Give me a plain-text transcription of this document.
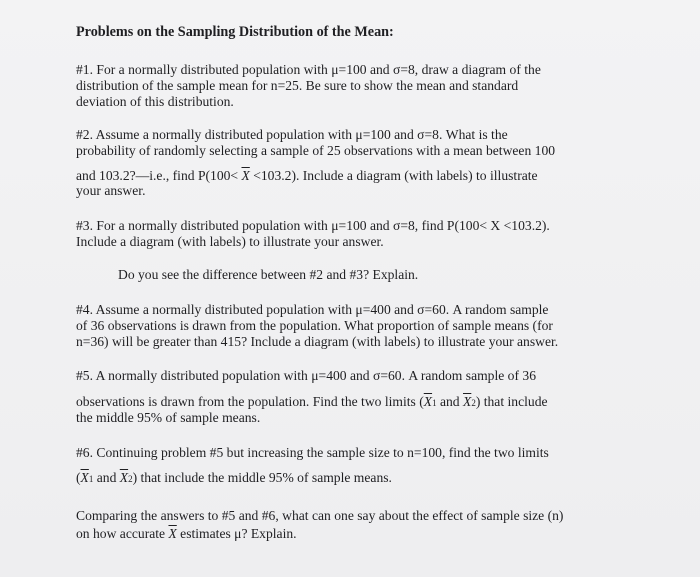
Problems on the Sampling Distribution of the Mean:

#1. For a normally distributed population with μ=100 and σ=8, draw a diagram of the

distribution of the sample mean for n=25. Be sure to show the mean and standard

deviation of this distribution.

#2. Assume a normally distributed population with μ=100 and σ=8. What is the

probability of randomly selecting a sample of 25 observations with a mean between 100

and 103.2?—i.e., find $P(100< \overline{X} <103.2)$. Include a diagram (with labels) to illustrate

your answer.

#3. For a normally distributed population with μ=100 and σ=8, find P(100< X <103.2).

Include a diagram (with labels) to illustrate your answer.

Do you see the difference between #2 and #3? Explain.

#4. Assume a normally distributed population with μ=400 and σ=60. A random sample

of 36 observations is drawn from the population. What proportion of sample means (for

n=36) will be greater than 415? Include a diagram (with labels) to illustrate your answer.

#5. A normally distributed population with μ=400 and σ=60. A random sample of 36

observations is drawn from the population. Find the two limits ($\overline{X}1$ and $\overline{X}2$) that include

the middle 95% of sample means.

#6. Continuing problem #5 but increasing the sample size to n=100, find the two limits

($\overline{X}1$ and $\overline{X}2$) that include the middle 95% of sample means.

Comparing the answers to #5 and #6, what can one say about the effect of sample size (n)

on how accurate $\overline{X}$ estimates μ? Explain.
